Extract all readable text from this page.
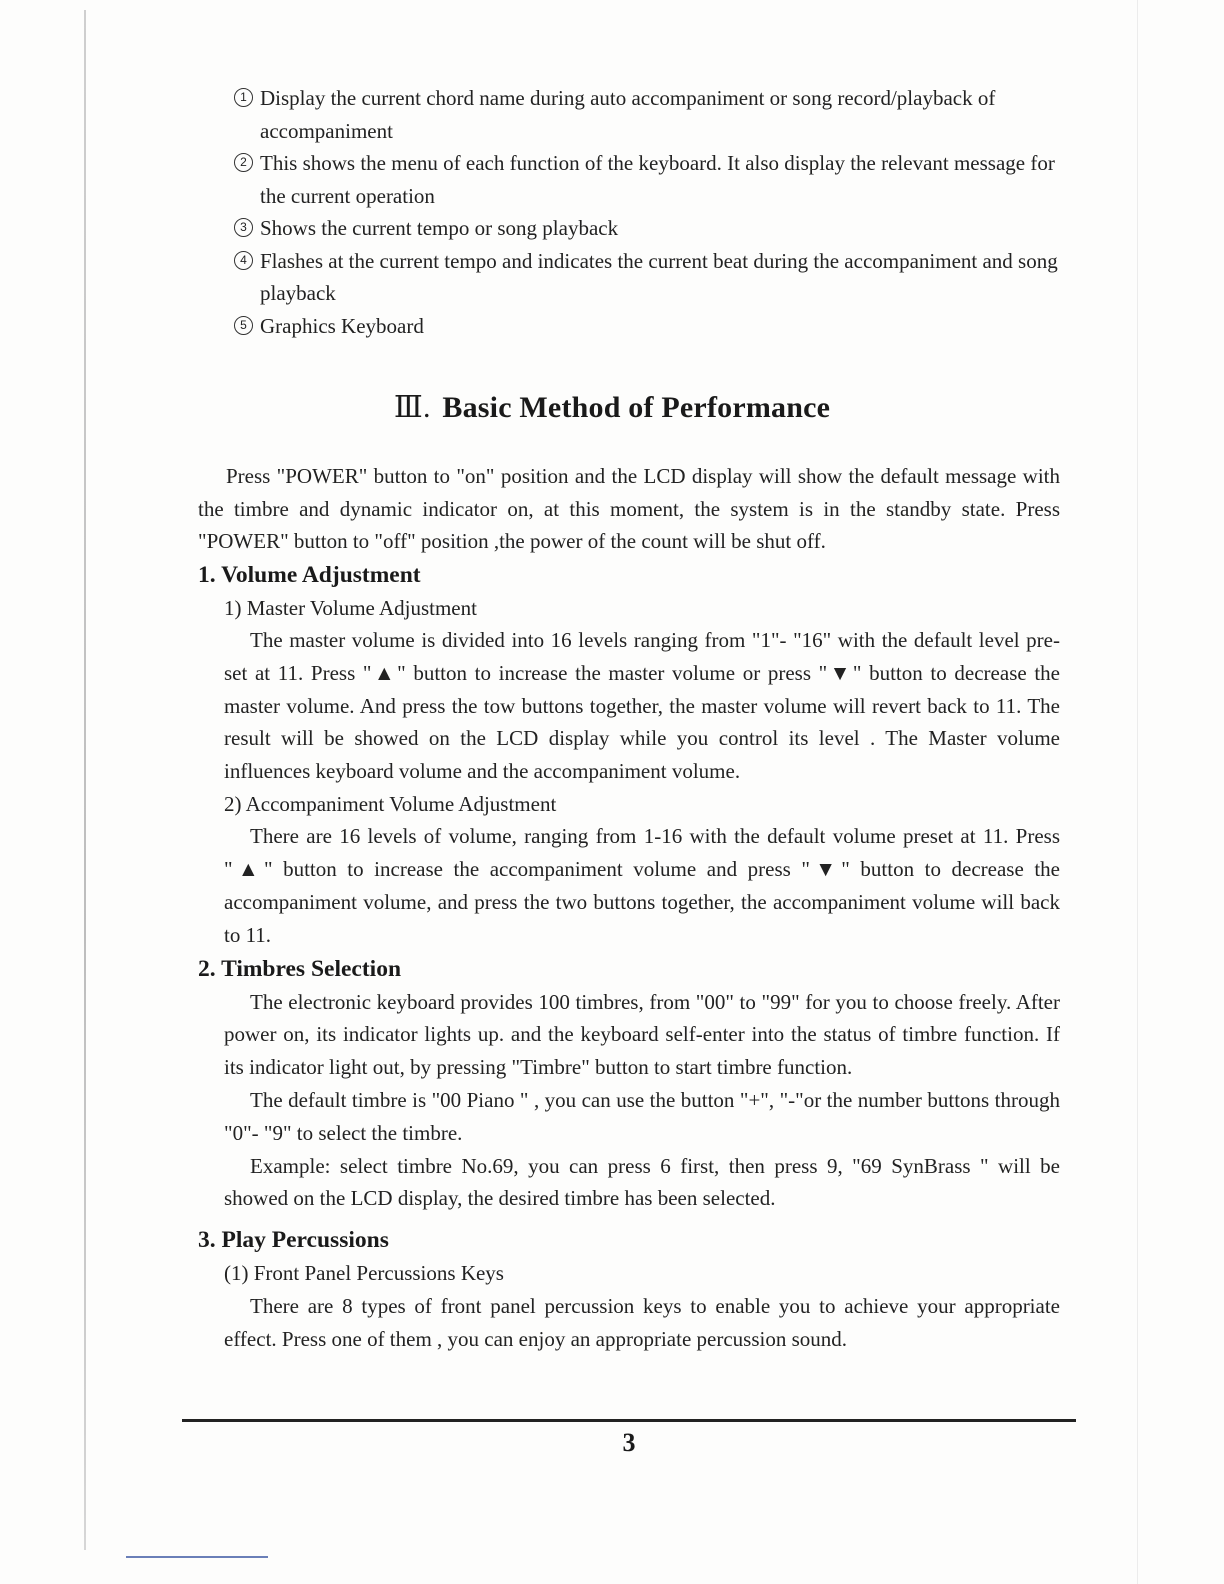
1 Display the current chord name during auto accompaniment or song record/playback of accompaniment
2 This shows the menu of each function of the keyboard. It also display the relevant message for the current operation
3 Shows the current tempo or song playback
4 Flashes at the current tempo and indicates the current beat during the accompaniment and song playback
5 Graphics Keyboard
Ⅲ. Basic Method of Performance

Press "POWER" button to "on" position and the LCD display will show the default message with the timbre and dynamic indicator on, at this moment, the system is in the standby state. Press "POWER" button to "off" position ,the power of the count will be shut off.

1. Volume Adjustment

1) Master Volume Adjustment

The master volume is divided into 16 levels ranging from "1"- "16" with the default level pre-set at 11. Press "▲" button to increase the master volume or press "▼" button to decrease the master volume. And press the tow buttons together, the master volume will revert back to 11. The result will be showed on the LCD display while you control its level . The Master volume influences keyboard volume and the accompaniment volume.

2) Accompaniment Volume Adjustment

There are 16 levels of volume, ranging from 1-16 with the default volume preset at 11. Press "▲" button to increase the accompaniment volume and press "▼" button to decrease the accompaniment volume, and press the two buttons together, the accompaniment volume will back to 11.

2. Timbres Selection

The electronic keyboard provides 100 timbres, from "00" to "99" for you to choose freely. After power on, its indicator lights up. and the keyboard self-enter into the status of timbre function. If its indicator light out, by pressing "Timbre" button to start timbre function.

The default timbre is "00 Piano " , you can use the button "+", "-"or the number buttons through "0"- "9" to select the timbre.

Example: select timbre No.69, you can press 6 first, then press 9, "69 SynBrass " will be showed on the LCD display, the desired timbre has been selected.

3. Play Percussions

(1) Front Panel Percussions Keys

There are 8 types of front panel percussion keys to enable you to achieve your appropriate effect. Press one of them , you can enjoy an appropriate percussion sound.

3
